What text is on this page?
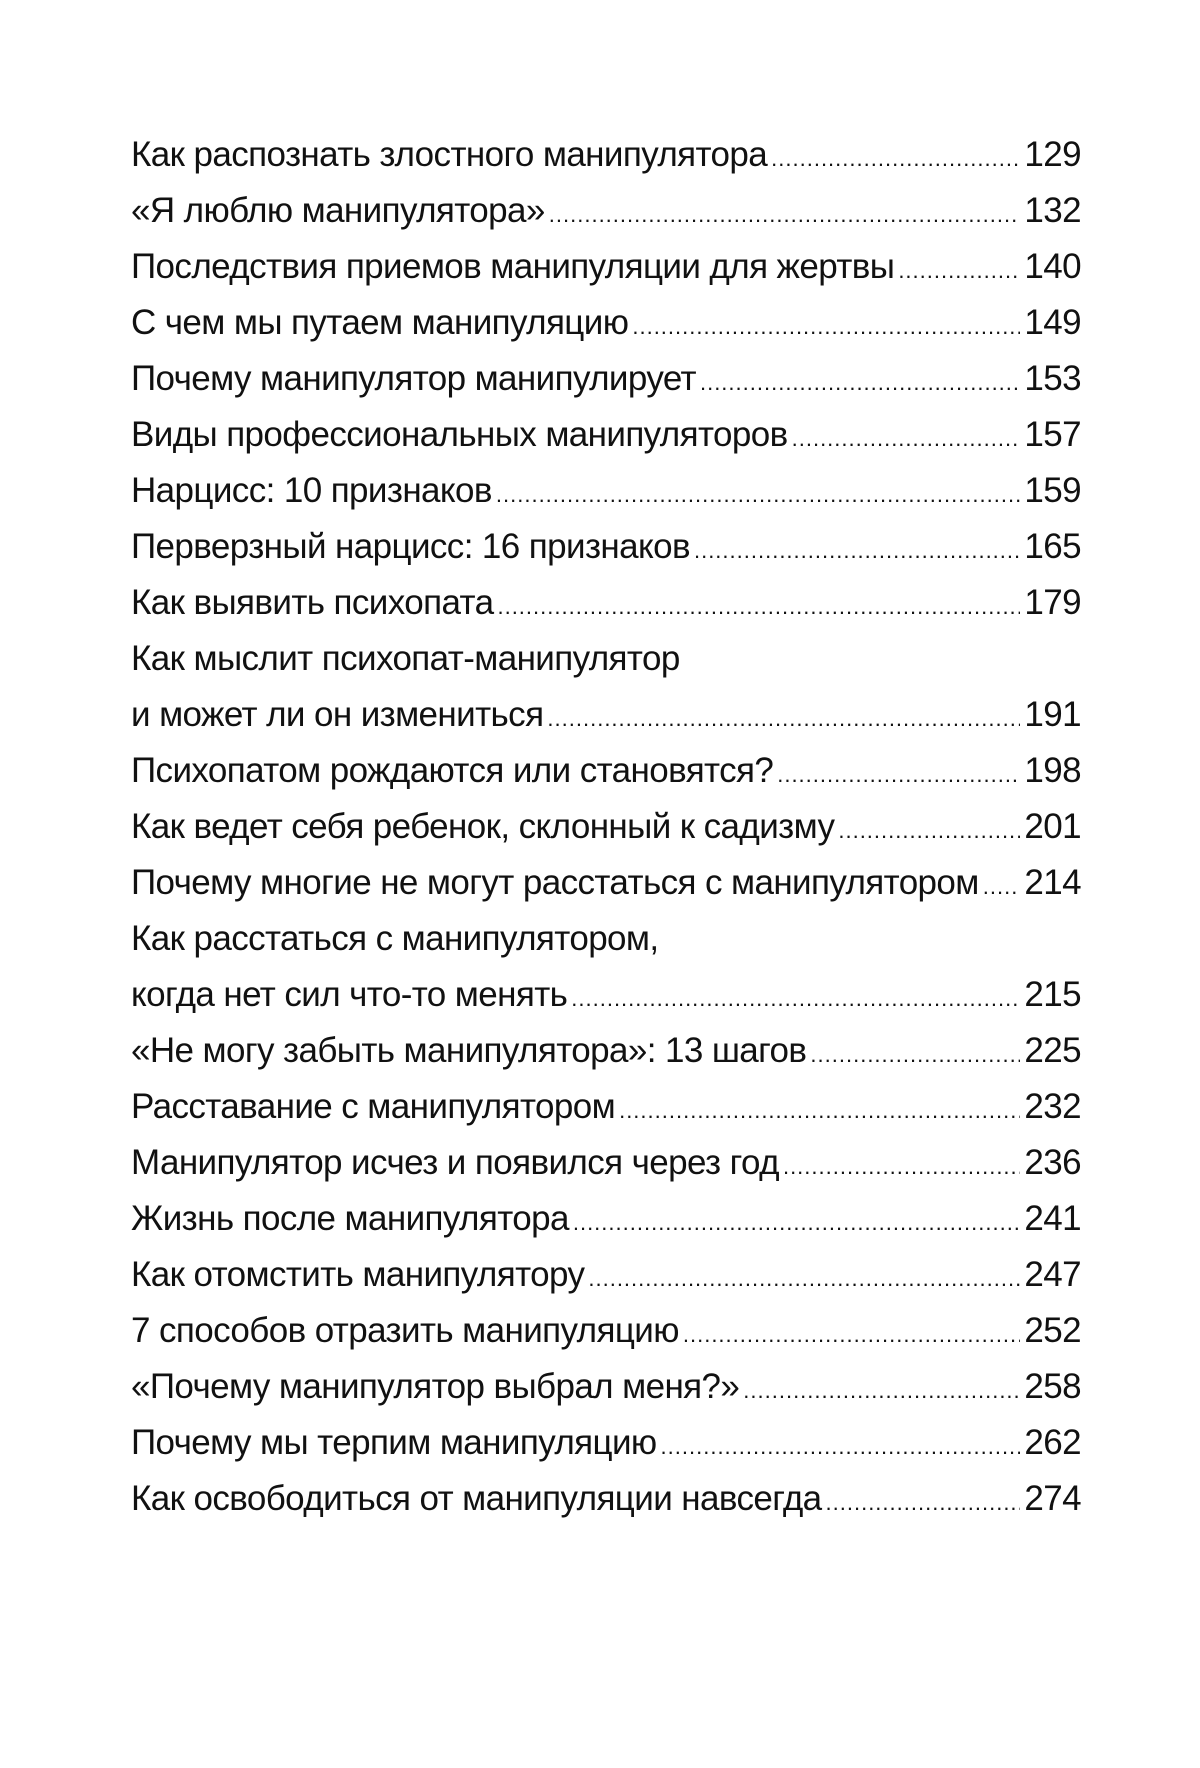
Как распознать злостного манипулятора .....	129
«Я люблю манипулятора» .....	132
Последствия приемов манипуляции для жертвы .....	140
С чем мы путаем манипуляцию .....	149
Почему манипулятор манипулирует .....	153
Виды профессиональных манипуляторов .....	157
Нарцисс: 10 признаков .....	159
Перверзный нарцисс: 16 признаков .....	165
Как выявить психопата .....	179
Как мыслит психопат-манипулятор
и может ли он измениться .....	191
Психопатом рождаются или становятся? .....	198
Как ведет себя ребенок, склонный к садизму .....	201
Почему многие не могут расстаться с манипулятором ..... 214
Как расстаться с манипулятором,
когда нет сил что-то менять .....	215
«Не могу забыть манипулятора»: 13 шагов .....	225
Расставание с манипулятором .....	232
Манипулятор исчез и появился через год .....	236
Жизнь после манипулятора .....	241
Как отомстить манипулятору .....	247
7 способов отразить манипуляцию .....	252
«Почему манипулятор выбрал меня?» .....	258
Почему мы терпим манипуляцию .....	262
Как освободиться от манипуляции навсегда .....	274
